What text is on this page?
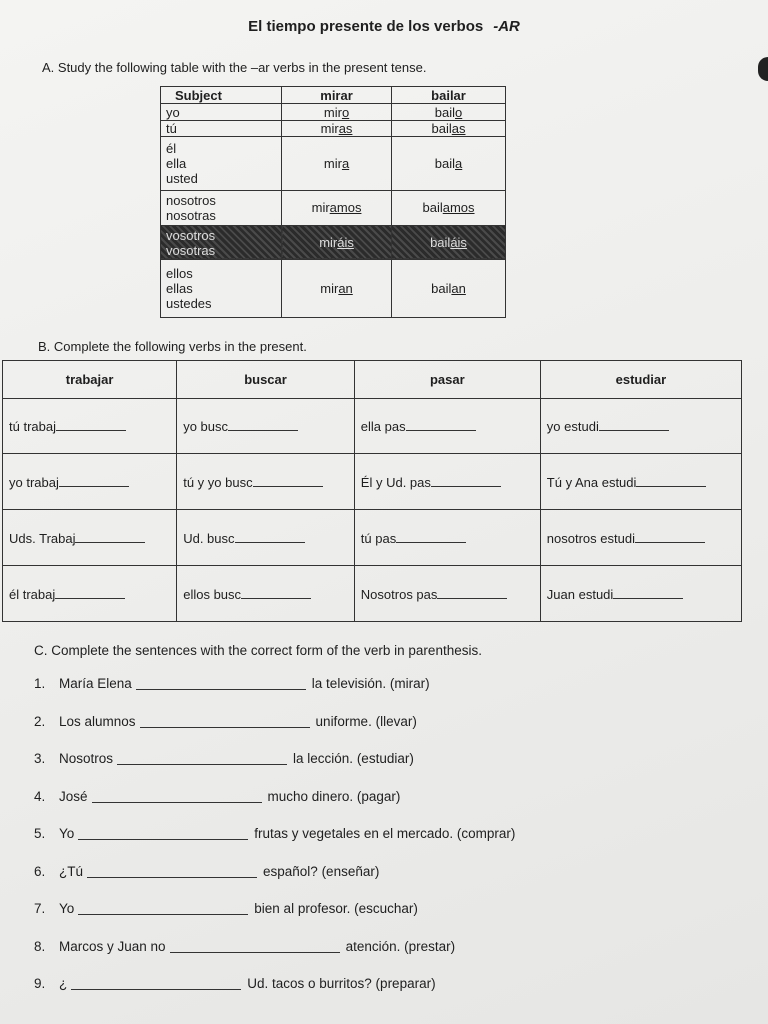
El tiempo presente de los verbos -AR
A. Study the following table with the –ar verbs in the present tense.
Subject	mirar	bailar
yo	miro	bailo
tú	miras	bailas
él
ella
usted	mira	baila
nosotros
nosotras	miramos	bailamos
vosotros
vosotras	miráis	bailáis
ellos
ellas
ustedes	miran	bailan
B. Complete the following verbs in the present.
trabajar	buscar	pasar	estudiar
tú trabaj	yo busc	ella pas	yo estudi
yo trabaj	tú y yo busc	Él y Ud. pas	Tú y Ana estudi
Uds. Trabaj	Ud. busc	tú pas	nosotros estudi
él trabaj	ellos busc	Nosotros pas	Juan estudi
C. Complete the sentences with the correct form of the verb in parenthesis.
1.	María Elena	la televisión. (mirar)
2.	Los alumnos	uniforme. (llevar)
3.	Nosotros	la lección. (estudiar)
4.	José	mucho dinero. (pagar)
5.	Yo	frutas y vegetales en el mercado. (comprar)
6.	¿Tú	español? (enseñar)
7.	Yo	bien al profesor. (escuchar)
8.	Marcos y Juan no	atención. (prestar)
9.	¿	Ud. tacos o burritos? (preparar)
